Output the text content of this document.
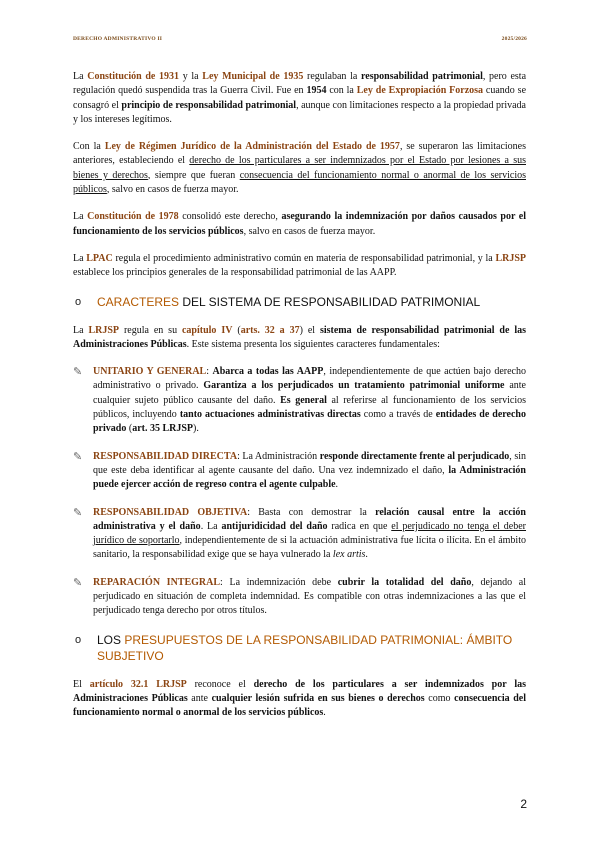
DERECHO ADMINISTRATIVO II	2025/2026

La Constitución de 1931 y la Ley Municipal de 1935 regulaban la responsabilidad patrimonial, pero esta regulación quedó suspendida tras la Guerra Civil. Fue en 1954 con la Ley de Expropiación Forzosa cuando se consagró el principio de responsabilidad patrimonial, aunque con limitaciones respecto a la propiedad privada y los intereses legítimos.

Con la Ley de Régimen Jurídico de la Administración del Estado de 1957, se superaron las limitaciones anteriores, estableciendo el derecho de los particulares a ser indemnizados por el Estado por lesiones a sus bienes y derechos, siempre que fueran consecuencia del funcionamiento normal o anormal de los servicios públicos, salvo en casos de fuerza mayor.

La Constitución de 1978 consolidó este derecho, asegurando la indemnización por daños causados por el funcionamiento de los servicios públicos, salvo en casos de fuerza mayor.

La LPAC regula el procedimiento administrativo común en materia de responsabilidad patrimonial, y la LRJSP establece los principios generales de la responsabilidad patrimonial de las AAPP.

o	CARACTERES DEL SISTEMA DE RESPONSABILIDAD PATRIMONIAL

La LRJSP regula en su capítulo IV (arts. 32 a 37) el sistema de responsabilidad patrimonial de las Administraciones Públicas. Este sistema presenta los siguientes caracteres fundamentales:

✎	UNITARIO Y GENERAL: Abarca a todas las AAPP, independientemente de que actúen bajo derecho administrativo o privado. Garantiza a los perjudicados un tratamiento patrimonial uniforme ante cualquier sujeto público causante del daño. Es general al referirse al funcionamiento de los servicios públicos, incluyendo tanto actuaciones administrativas directas como a través de entidades de derecho privado (art. 35 LRJSP).

✎	RESPONSABILIDAD DIRECTA: La Administración responde directamente frente al perjudicado, sin que este deba identificar al agente causante del daño. Una vez indemnizado el daño, la Administración puede ejercer acción de regreso contra el agente culpable.

✎	RESPONSABILIDAD OBJETIVA: Basta con demostrar la relación causal entre la acción administrativa y el daño. La antijuridicidad del daño radica en que el perjudicado no tenga el deber jurídico de soportarlo, independientemente de si la actuación administrativa fue lícita o ilícita. En el ámbito sanitario, la responsabilidad exige que se haya vulnerado la lex artis.

✎	REPARACIÓN INTEGRAL: La indemnización debe cubrir la totalidad del daño, dejando al perjudicado en situación de completa indemnidad. Es compatible con otras indemnizaciones a las que el perjudicado tenga derecho por otros títulos.

o	LOS PRESUPUESTOS DE LA RESPONSABILIDAD PATRIMONIAL: ÁMBITO SUBJETIVO

El artículo 32.1 LRJSP reconoce el derecho de los particulares a ser indemnizados por las Administraciones Públicas ante cualquier lesión sufrida en sus bienes o derechos como consecuencia del funcionamiento normal o anormal de los servicios públicos.

2
